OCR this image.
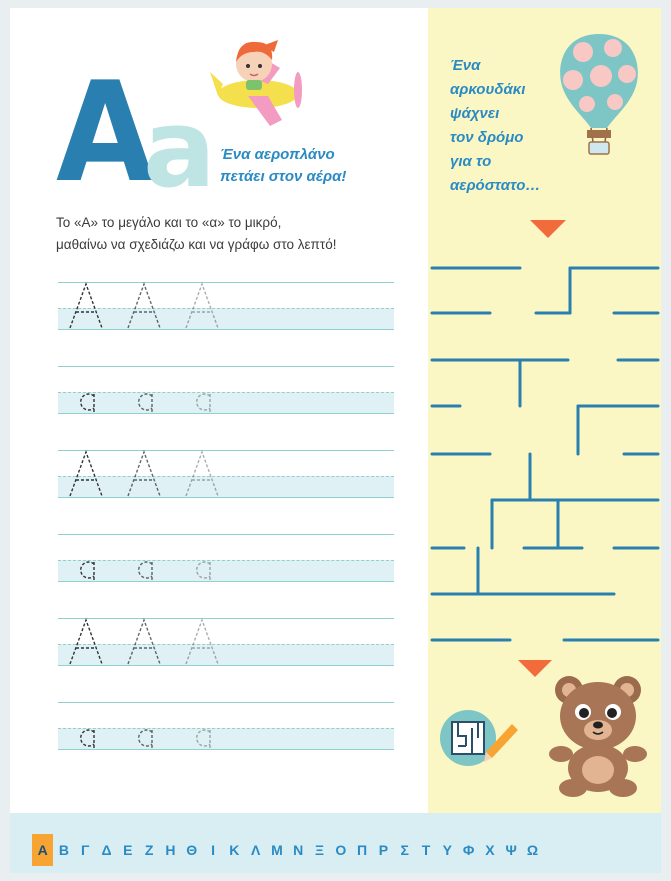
A
a Ένα αεροπλάνο
πετάει στον αέρα!
Το «Α» το μεγάλο και το «α» το μικρό,
μαθαίνω να σχεδιάζω και να γράφω στο λεπτό!
Ένα
αρκουδάκι
ψάχνει
τον δρόμο
για το
αερόστατο…
Α Β Γ Δ Ε Ζ Η Θ Ι	Κ Λ Μ Ν Ξ Ο Π Ρ Σ Τ Υ Φ Χ Ψ Ω
